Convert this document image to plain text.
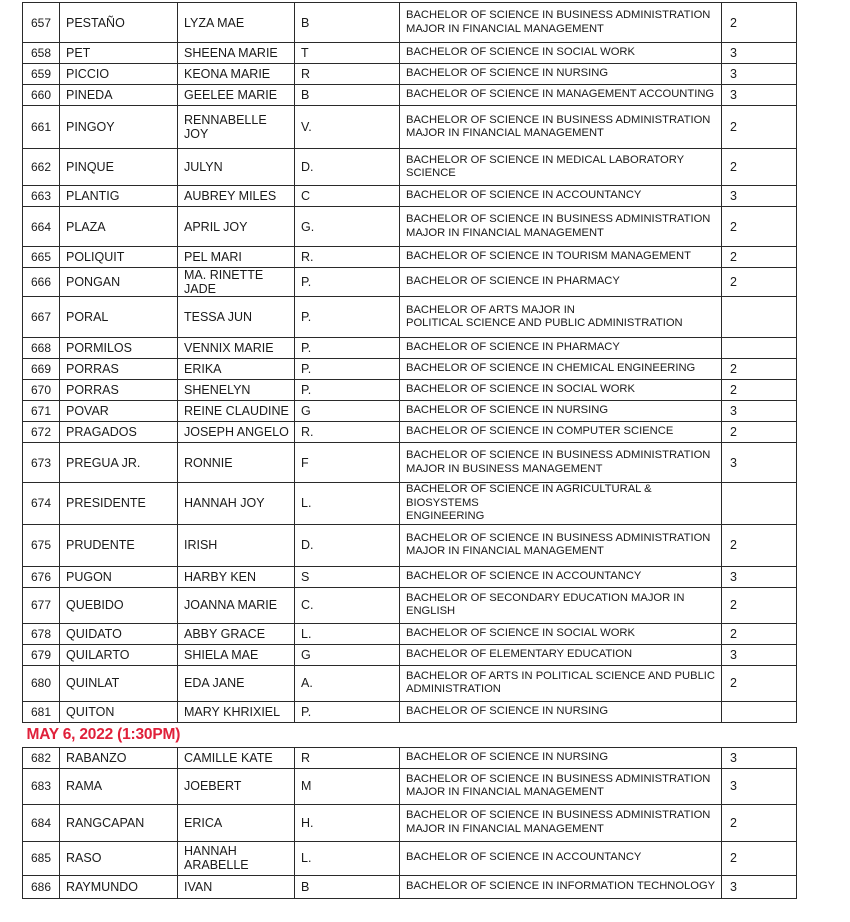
657	PESTAÑO	LYZA MAE	B	BACHELOR OF SCIENCE IN BUSINESS ADMINISTRATION
MAJOR IN FINANCIAL MANAGEMENT	2
658	PET	SHEENA MARIE	T	BACHELOR OF SCIENCE IN SOCIAL WORK	3
659	PICCIO	KEONA MARIE	R	BACHELOR OF SCIENCE IN NURSING	3
660	PINEDA	GEELEE MARIE	B	BACHELOR OF SCIENCE IN MANAGEMENT ACCOUNTING	3
661	PINGOY	RENNABELLE JOY	V.	BACHELOR OF SCIENCE IN BUSINESS ADMINISTRATION
MAJOR IN FINANCIAL MANAGEMENT	2
662	PINQUE	JULYN	D.	BACHELOR OF SCIENCE IN MEDICAL LABORATORY
SCIENCE	2
663	PLANTIG	AUBREY MILES	C	BACHELOR OF SCIENCE IN ACCOUNTANCY	3
664	PLAZA	APRIL JOY	G.	BACHELOR OF SCIENCE IN BUSINESS ADMINISTRATION
MAJOR IN FINANCIAL MANAGEMENT	2
665	POLIQUIT	PEL MARI	R.	BACHELOR OF SCIENCE IN TOURISM MANAGEMENT	2
666	PONGAN	MA. RINETTE
JADE	P.	BACHELOR OF SCIENCE IN PHARMACY	2
667	PORAL	TESSA JUN	P.	BACHELOR OF ARTS MAJOR IN
POLITICAL SCIENCE AND PUBLIC ADMINISTRATION	

668	PORMILOS	VENNIX MARIE	P.	BACHELOR OF SCIENCE IN PHARMACY	

669	PORRAS	ERIKA	P.	BACHELOR OF SCIENCE IN CHEMICAL ENGINEERING	2
670	PORRAS	SHENELYN	P.	BACHELOR OF SCIENCE IN SOCIAL WORK	2
671	POVAR	REINE CLAUDINE	G	BACHELOR OF SCIENCE IN NURSING	3
672	PRAGADOS	JOSEPH ANGELO	R.	BACHELOR OF SCIENCE IN COMPUTER SCIENCE	2
673	PREGUA JR.	RONNIE	F	BACHELOR OF SCIENCE IN BUSINESS ADMINISTRATION
MAJOR IN BUSINESS MANAGEMENT	3
674	PRESIDENTE	HANNAH JOY	L.	BACHELOR OF SCIENCE IN AGRICULTURAL & BIOSYSTEMS
ENGINEERING	

675	PRUDENTE	IRISH	D.	BACHELOR OF SCIENCE IN BUSINESS ADMINISTRATION
MAJOR IN FINANCIAL MANAGEMENT	2
676	PUGON	HARBY KEN	S	BACHELOR OF SCIENCE IN ACCOUNTANCY	3
677	QUEBIDO	JOANNA MARIE	C.	BACHELOR OF SECONDARY EDUCATION MAJOR IN
ENGLISH	2
678	QUIDATO	ABBY GRACE	L.	BACHELOR OF SCIENCE IN SOCIAL WORK	2
679	QUILARTO	SHIELA MAE	G	BACHELOR OF ELEMENTARY EDUCATION	3
680	QUINLAT	EDA JANE	A.	BACHELOR OF ARTS IN POLITICAL SCIENCE AND PUBLIC
ADMINISTRATION	2
681	QUITON	MARY KHRIXIEL	P.	BACHELOR OF SCIENCE IN NURSING	

MAY 6, 2022 (1:30PM)					
682	RABANZO	CAMILLE KATE	R	BACHELOR OF SCIENCE IN NURSING	3
683	RAMA	JOEBERT	M	BACHELOR OF SCIENCE IN BUSINESS ADMINISTRATION
MAJOR IN FINANCIAL MANAGEMENT	3
684	RANGCAPAN	ERICA	H.	BACHELOR OF SCIENCE IN BUSINESS ADMINISTRATION
MAJOR IN FINANCIAL MANAGEMENT	2
685	RASO	HANNAH
ARABELLE	L.	BACHELOR OF SCIENCE IN ACCOUNTANCY	2
686	RAYMUNDO	IVAN	B	BACHELOR OF SCIENCE IN INFORMATION TECHNOLOGY	3
